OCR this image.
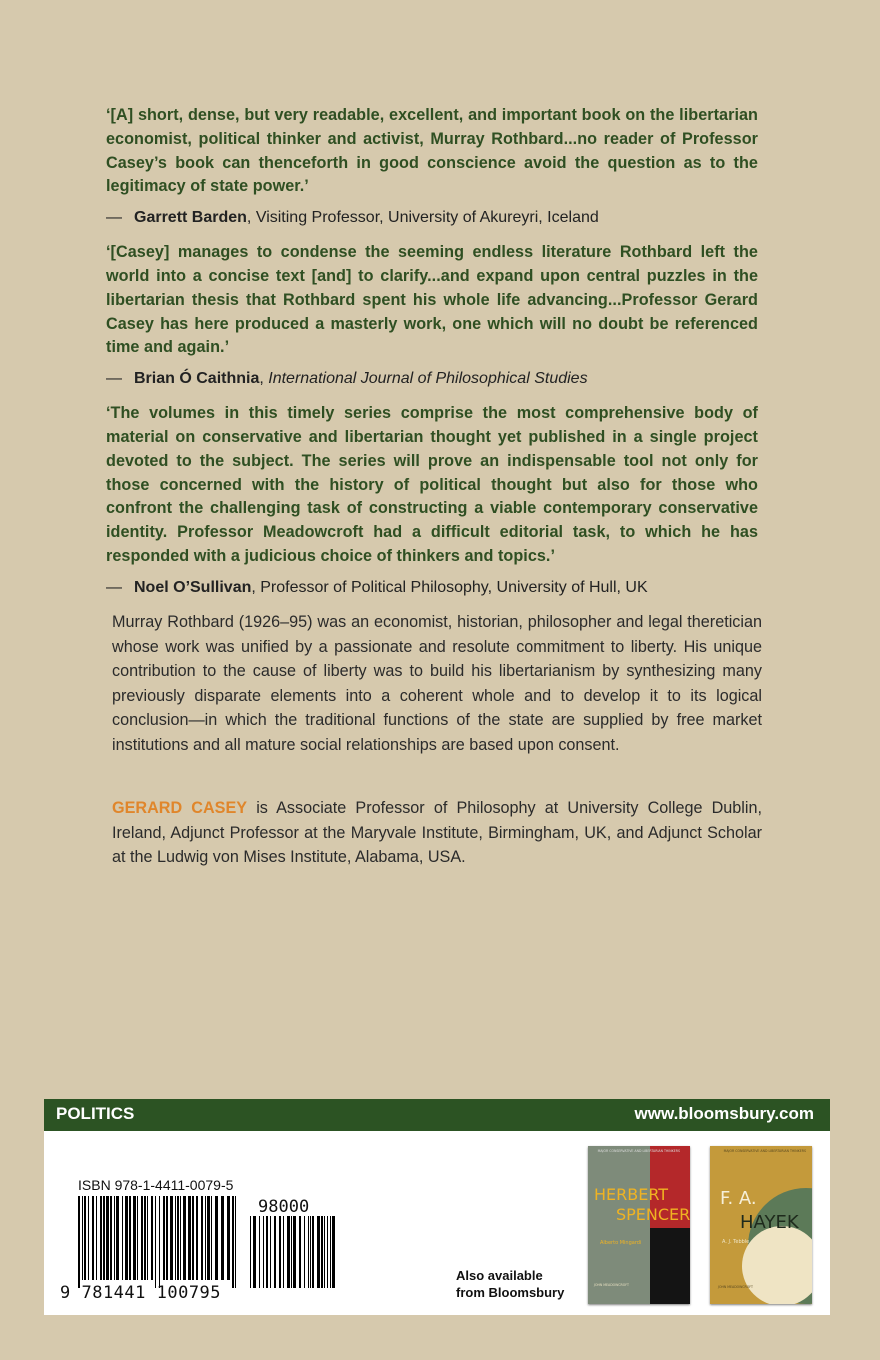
‘[A] short, dense, but very readable, excellent, and important book on the libertarian economist, political thinker and activist, Murray Rothbard...no reader of Professor Casey’s book can thenceforth in good conscience avoid the question as to the legitimacy of state power.’

— Garrett Barden, Visiting Professor, University of Akureyri, Iceland

‘[Casey] manages to condense the seeming endless literature Rothbard left the world into a concise text [and] to clarify...and expand upon central puzzles in the libertarian thesis that Rothbard spent his whole life advancing...Professor Gerard Casey has here produced a masterly work, one which will no doubt be referenced time and again.’

— Brian Ó Caithnia, International Journal of Philosophical Studies

‘The volumes in this timely series comprise the most comprehensive body of material on conservative and libertarian thought yet published in a single project devoted to the subject. The series will prove an indispensable tool not only for those concerned with the history of political thought but also for those who confront the challenging task of constructing a viable contemporary conservative identity. Professor Meadowcroft had a difficult editorial task, to which he has responded with a judicious choice of thinkers and topics.’

— Noel O’Sullivan, Professor of Political Philosophy, University of Hull, UK

Murray Rothbard (1926–95) was an economist, historian, philosopher and legal theretician whose work was unified by a passionate and resolute commitment to liberty. His unique contribution to the cause of liberty was to build his libertarianism by synthesizing many previously disparate elements into a coherent whole and to develop it to its logical conclusion—in which the traditional functions of the state are supplied by free market institutions and all mature social relationships are based upon consent.

GERARD CASEY is Associate Professor of Philosophy at University College Dublin, Ireland, Adjunct Professor at the Maryvale Institute, Birmingham, UK, and Adjunct Scholar at the Ludwig von Mises Institute, Alabama, USA.

POLITICS	www.bloomsbury.com
ISBN 978-1-4411-0079-5
98000
9 781441 100795
Also available
from Bloomsbury
MAJOR CONSERVATIVE AND LIBERTARIAN THINKERS
HERBERT
SPENCER
Alberto Mingardi
JOHN MEADOWCROFT
MAJOR CONSERVATIVE AND LIBERTARIAN THINKERS
F. A.
HAYEK
A. J. Tebble
JOHN MEADOWCROFT
